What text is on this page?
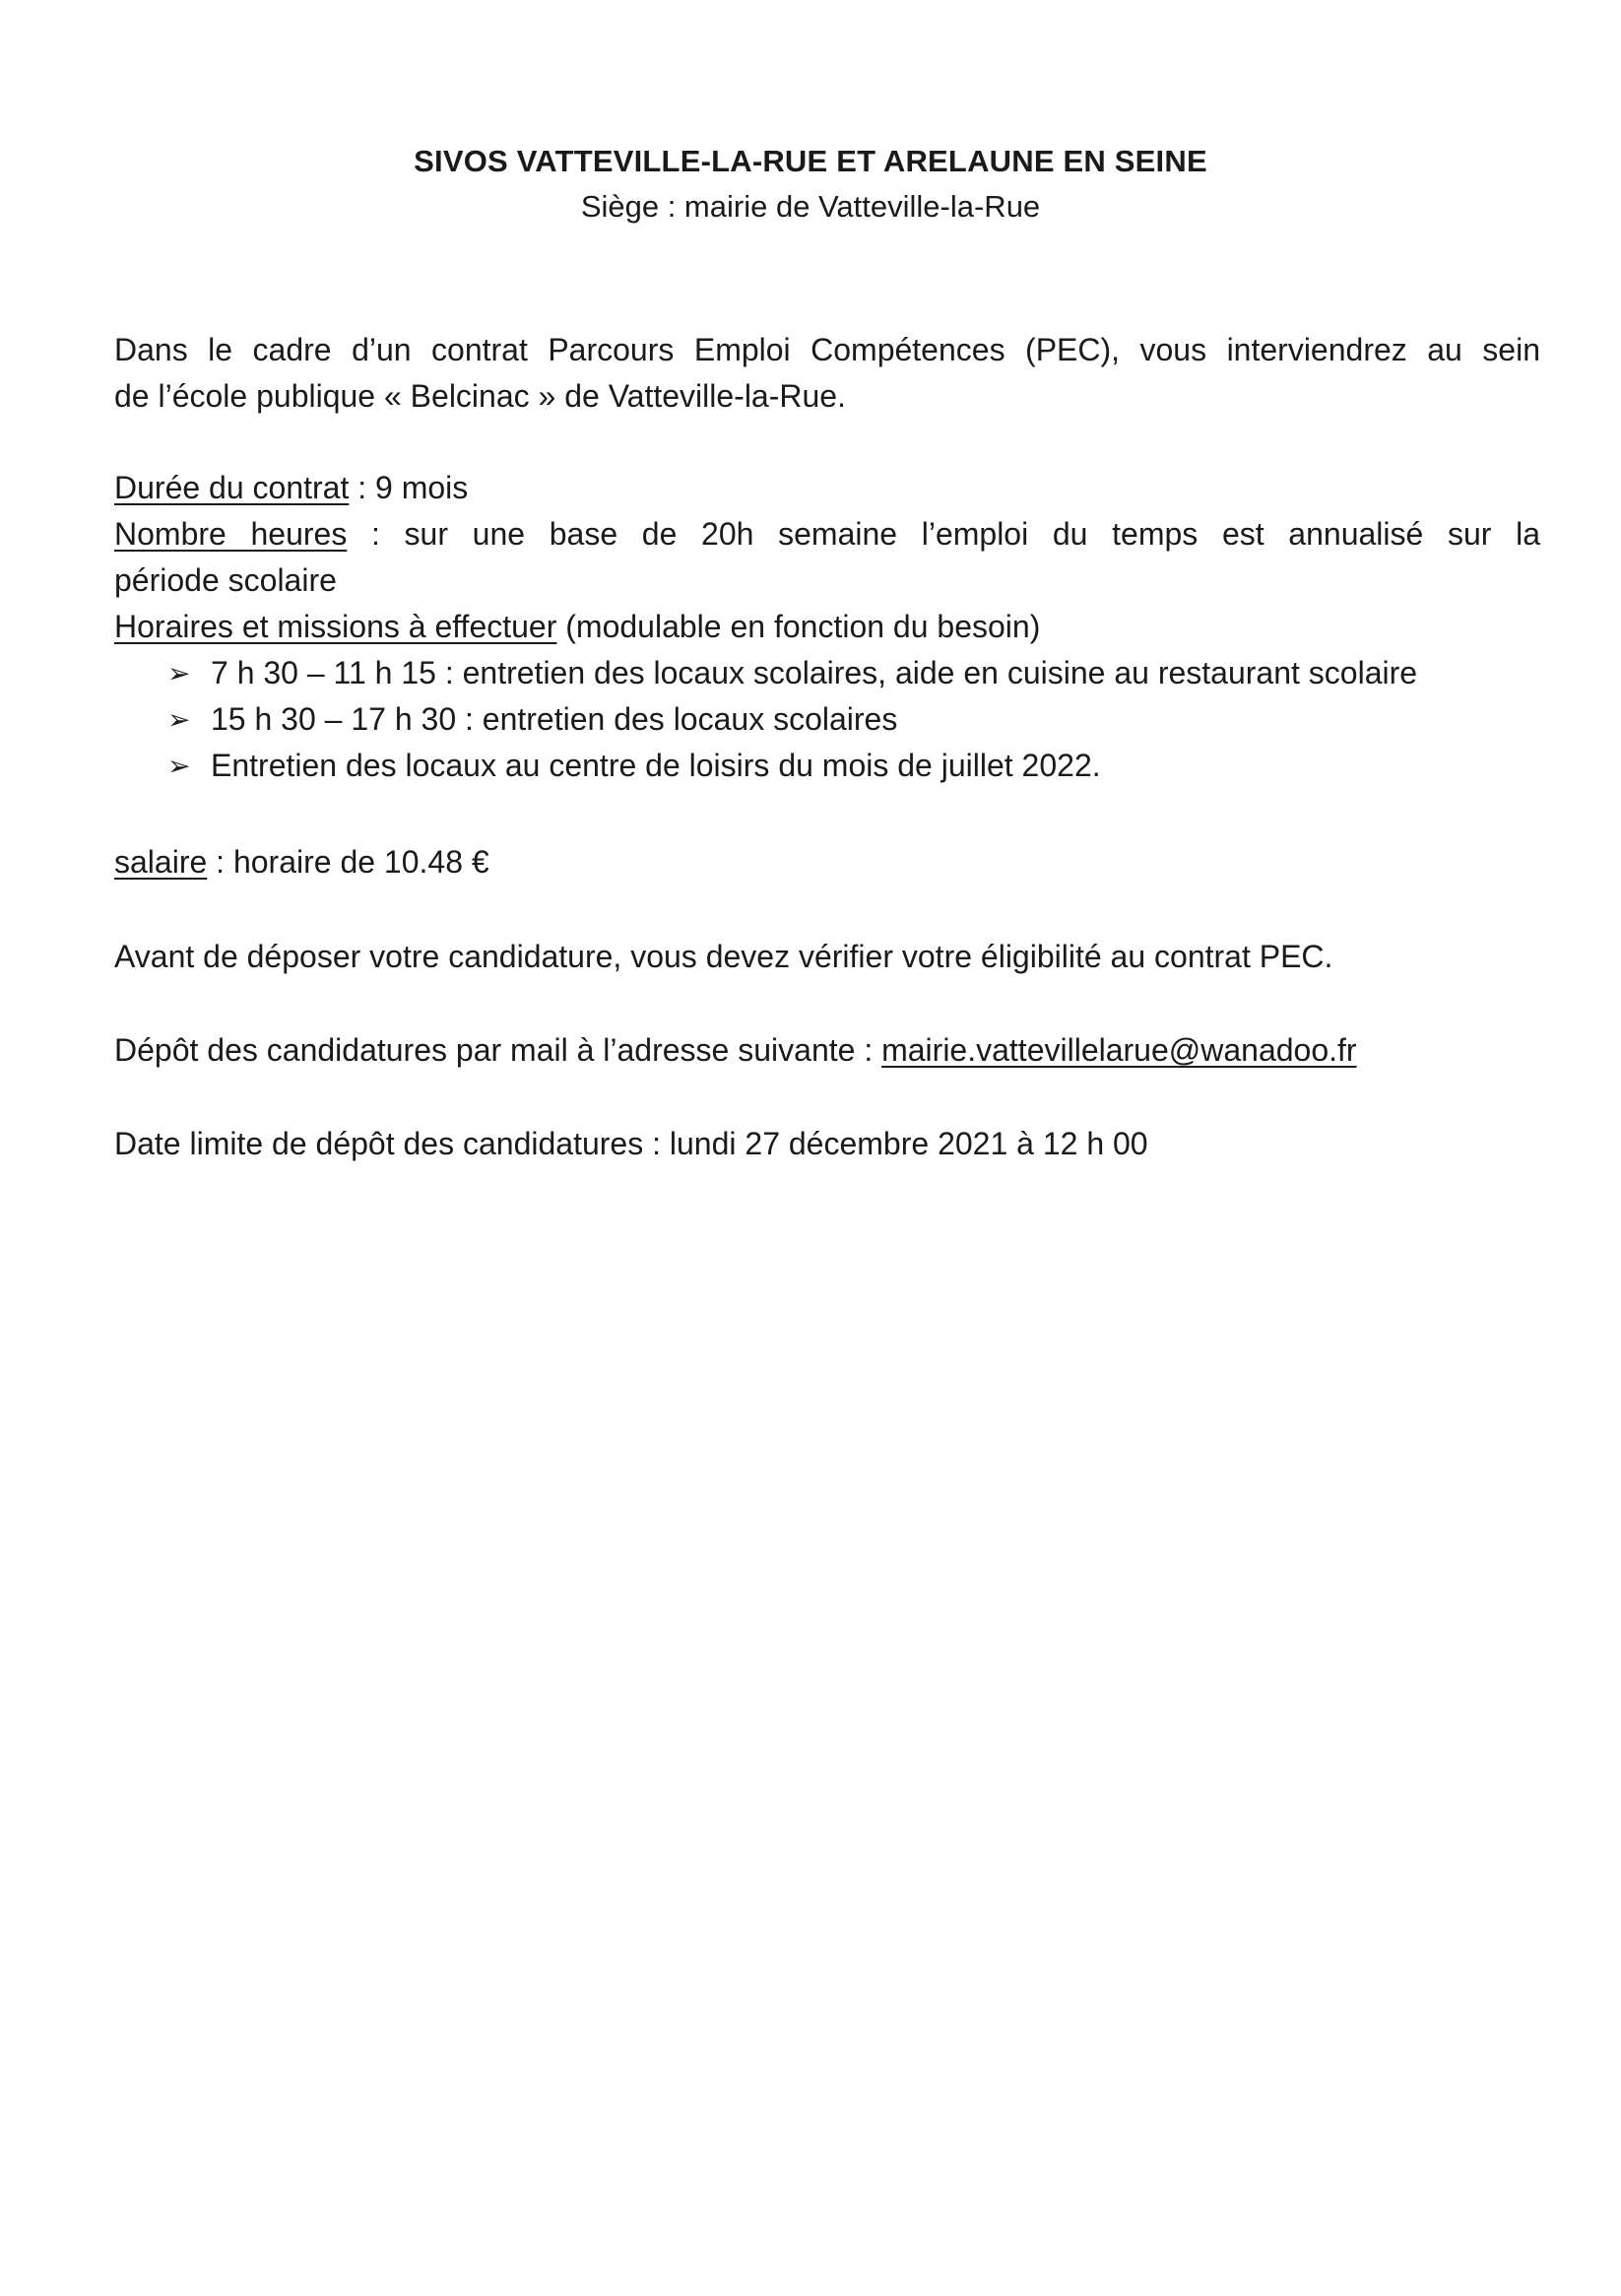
SIVOS VATTEVILLE-LA-RUE ET ARELAUNE EN SEINE
Siège : mairie de Vatteville-la-Rue
Dans le cadre d’un contrat Parcours Emploi Compétences (PEC), vous interviendrez au sein
de l’école publique « Belcinac » de Vatteville-la-Rue.
Durée du contrat : 9 mois
Nombre heures : sur une base de 20h semaine l’emploi du temps est annualisé sur la
période scolaire
Horaires et missions à effectuer (modulable en fonction du besoin)
➢ 7 h 30 – 11 h 15 : entretien des locaux scolaires, aide en cuisine au restaurant scolaire
➢ 15 h 30 – 17 h 30 : entretien des locaux scolaires
➢ Entretien des locaux au centre de loisirs du mois de juillet 2022.
salaire : horaire de 10.48 €
Avant de déposer votre candidature, vous devez vérifier votre éligibilité au contrat PEC.
Dépôt des candidatures par mail à l’adresse suivante : mairie.vattevillelarue@wanadoo.fr
Date limite de dépôt des candidatures : lundi 27 décembre 2021 à 12 h 00
